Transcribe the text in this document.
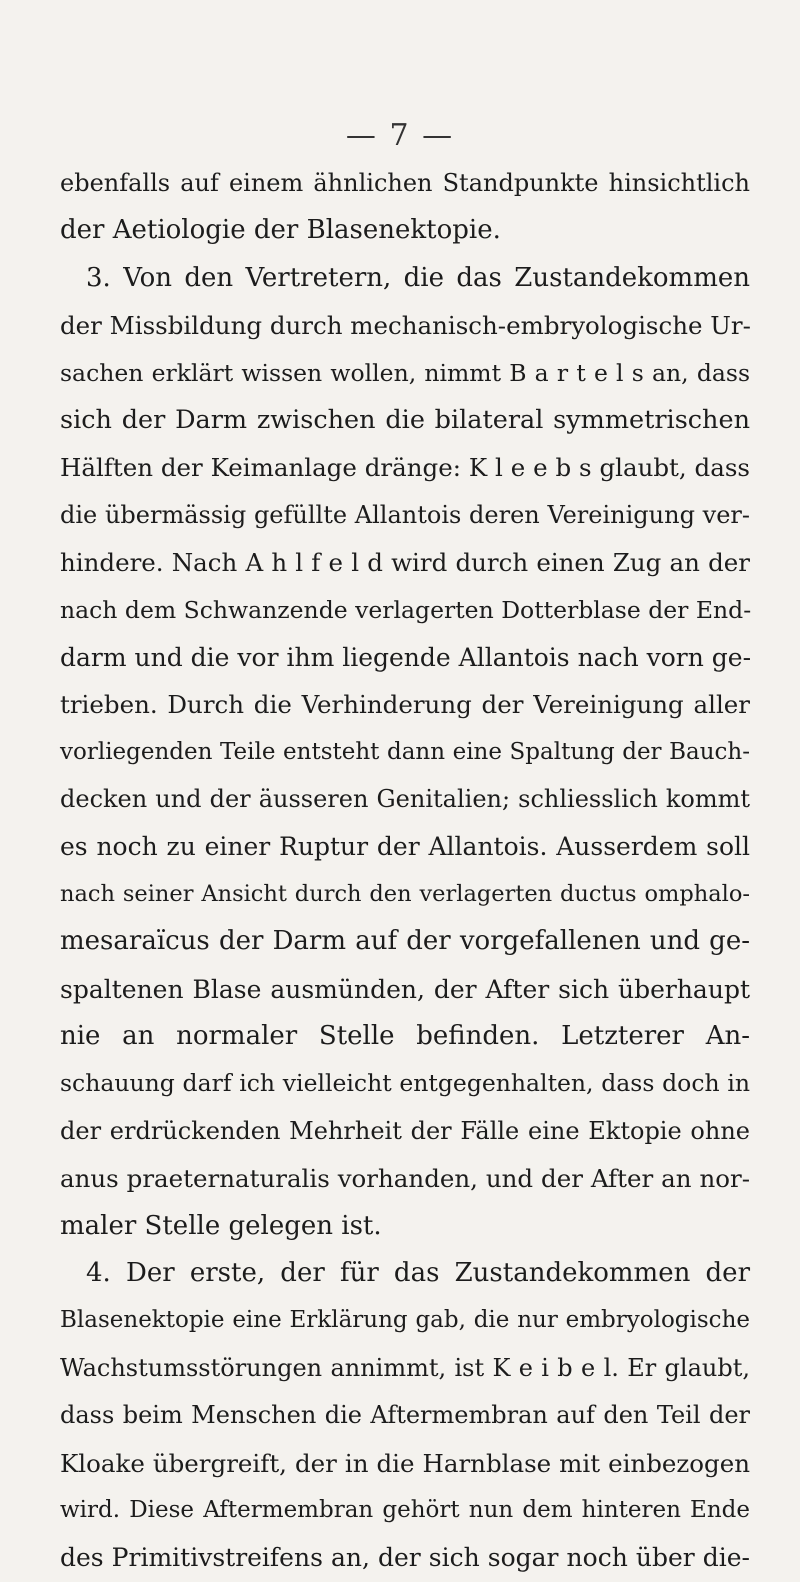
— 7 —
ebenfalls auf einem ähnlichen Standpunkte hinsichtlich
der Aetiologie der Blasenektopie.
3. Von den Vertretern, die das Zustandekommen
der Missbildung durch mechanisch-embryologische Ur-
sachen erklärt wissen wollen, nimmt B a r t e l s an, dass
sich der Darm zwischen die bilateral symmetrischen
Hälften der Keimanlage dränge: K l e e b s glaubt, dass
die übermässig gefüllte Allantois deren Vereinigung ver-
hindere. Nach A h l f e l d wird durch einen Zug an der
nach dem Schwanzende verlagerten Dotterblase der End-
darm und die vor ihm liegende Allantois nach vorn ge-
trieben. Durch die Verhinderung der Vereinigung aller
vorliegenden Teile entsteht dann eine Spaltung der Bauch-
decken und der äusseren Genitalien; schliesslich kommt
es noch zu einer Ruptur der Allantois. Ausserdem soll
nach seiner Ansicht durch den verlagerten ductus omphalo-
mesaraïcus der Darm auf der vorgefallenen und ge-
spaltenen Blase ausmünden, der After sich überhaupt
nie an normaler Stelle befinden. Letzterer An-
schauung darf ich vielleicht entgegenhalten, dass doch in
der erdrückenden Mehrheit der Fälle eine Ektopie ohne
anus praeternaturalis vorhanden, und der After an nor-
maler Stelle gelegen ist.
4. Der erste, der für das Zustandekommen der
Blasenektopie eine Erklärung gab, die nur embryologische
Wachstumsstörungen annimmt, ist K e i b e l. Er glaubt,
dass beim Menschen die Aftermembran auf den Teil der
Kloake übergreift, der in die Harnblase mit einbezogen
wird. Diese Aftermembran gehört nun dem hinteren Ende
des Primitivstreifens an, der sich sogar noch über die-
